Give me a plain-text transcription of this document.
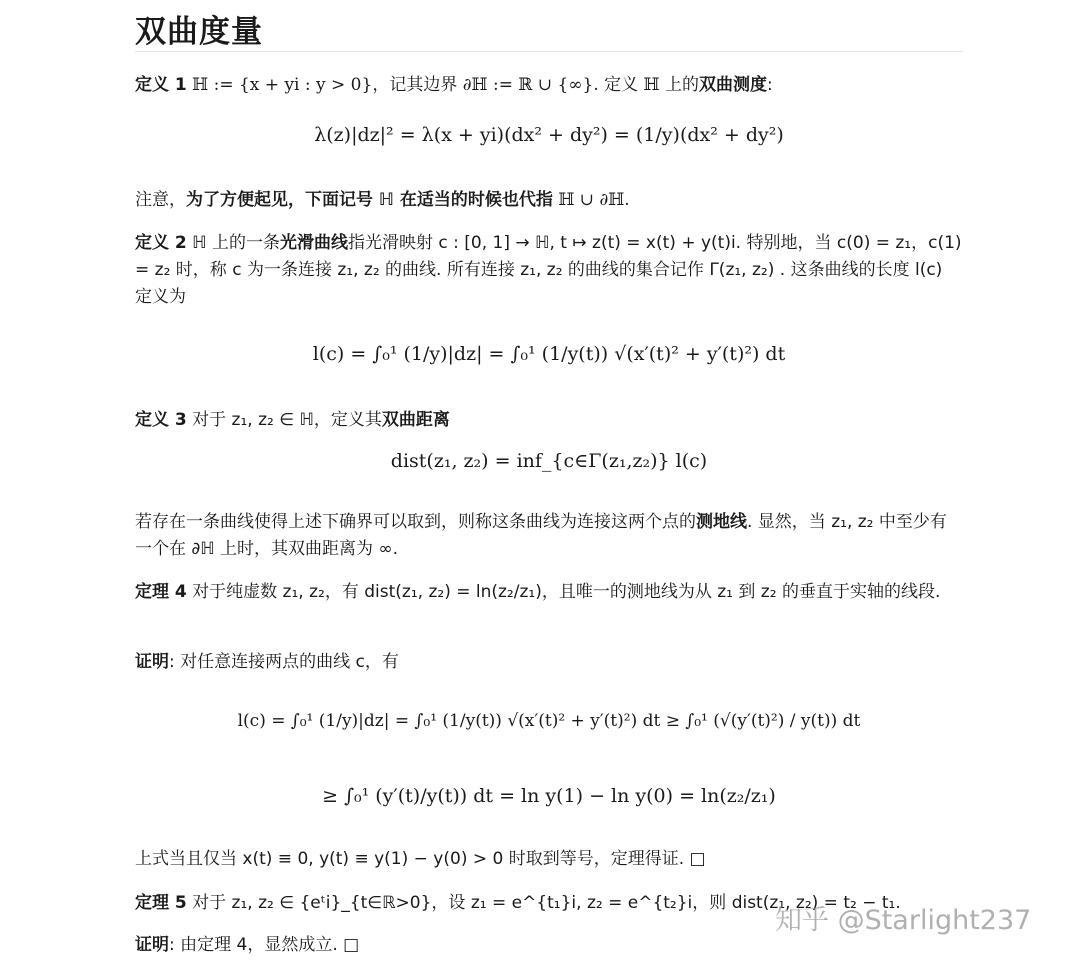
双曲度量
定义 1 ℍ := {x + yi : y > 0}，记其边界 ∂ℍ := ℝ ∪ {∞}. 定义 ℍ 上的双曲测度:
λ(z)|dz|² = λ(x + yi)(dx² + dy²) = (1/y)(dx² + dy²)
注意，为了方便起见，下面记号 ℍ 在适当的时候也代指 ℍ ∪ ∂ℍ.
定义 2 ℍ 上的一条光滑曲线指光滑映射 c : [0, 1] → ℍ, t ↦ z(t) = x(t) + y(t)i. 特别地，当 c(0) = z₁，c(1) = z₂ 时，称 c 为一条连接 z₁, z₂ 的曲线. 所有连接 z₁, z₂ 的曲线的集合记作 Γ(z₁, z₂) . 这条曲线的长度 l(c) 定义为
l(c) = ∫₀¹ (1/y)|dz| = ∫₀¹ (1/y(t)) √(x′(t)² + y′(t)²) dt
定义 3 对于 z₁, z₂ ∈ ℍ，定义其双曲距离
dist(z₁, z₂) = inf_{c∈Γ(z₁,z₂)} l(c)
若存在一条曲线使得上述下确界可以取到，则称这条曲线为连接这两个点的测地线. 显然，当 z₁, z₂ 中至少有一个在 ∂ℍ 上时，其双曲距离为 ∞.
定理 4 对于纯虚数 z₁, z₂，有 dist(z₁, z₂) = ln(z₂/z₁)，且唯一的测地线为从 z₁ 到 z₂ 的垂直于实轴的线段.
证明: 对任意连接两点的曲线 c，有
l(c) = ∫₀¹ (1/y)|dz| = ∫₀¹ (1/y(t)) √(x′(t)² + y′(t)²) dt ≥ ∫₀¹ (√(y′(t)²) / y(t)) dt
≥ ∫₀¹ (y′(t)/y(t)) dt = ln y(1) − ln y(0) = ln(z₂/z₁)
上式当且仅当 x(t) ≡ 0, y(t) ≡ y(1) − y(0) > 0 时取到等号，定理得证. □
定理 5 对于 z₁, z₂ ∈ {eᵗi}_{t∈ℝ>0}，设 z₁ = e^{t₁}i, z₂ = e^{t₂}i，则 dist(z₁, z₂) = t₂ − t₁.
证明: 由定理 4，显然成立. □
知乎 @Starlight237
